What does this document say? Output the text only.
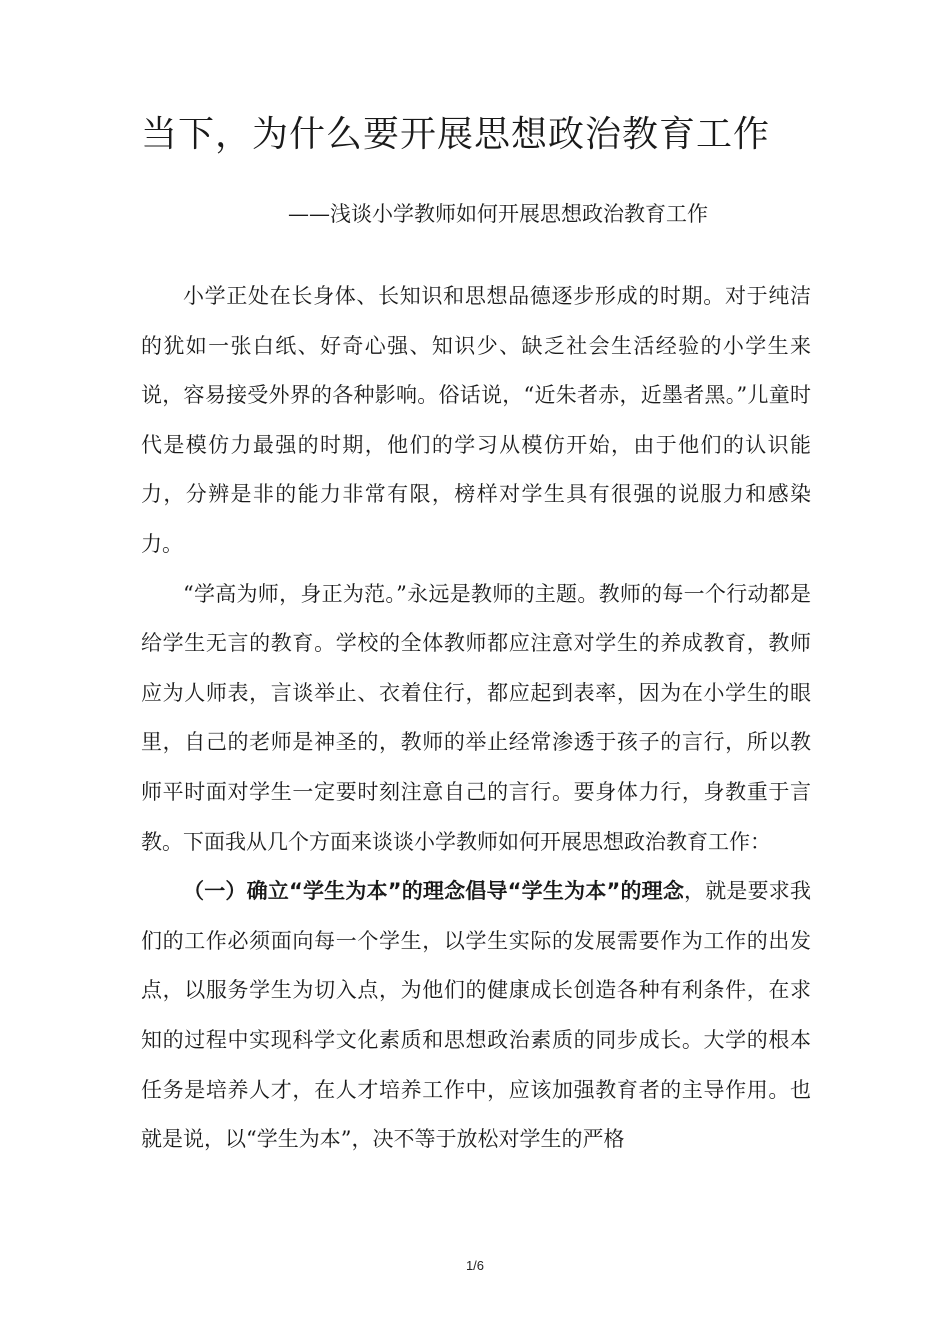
当下，为什么要开展思想政治教育工作

——浅谈小学教师如何开展思想政治教育工作

小学正处在长身体、长知识和思想品德逐步形成的时期。对于纯洁的犹如一张白纸、好奇心强、知识少、缺乏社会生活经验的小学生来说，容易接受外界的各种影响。俗话说，“近朱者赤，近墨者黑。”儿童时代是模仿力最强的时期，他们的学习从模仿开始，由于他们的认识能力，分辨是非的能力非常有限，榜样对学生具有很强的说服力和感染力。

“学高为师，身正为范。”永远是教师的主题。教师的每一个行动都是给学生无言的教育。学校的全体教师都应注意对学生的养成教育，教师应为人师表，言谈举止、衣着住行，都应起到表率，因为在小学生的眼里，自己的老师是神圣的，教师的举止经常渗透于孩子的言行，所以教师平时面对学生一定要时刻注意自己的言行。要身体力行，身教重于言教。下面我从几个方面来谈谈小学教师如何开展思想政治教育工作：

（一）确立“学生为本”的理念倡导“学生为本”的理念，就是要求我们的工作必须面向每一个学生，以学生实际的发展需要作为工作的出发点，以服务学生为切入点，为他们的健康成长创造各种有利条件，在求知的过程中实现科学文化素质和思想政治素质的同步成长。大学的根本任务是培养人才，在人才培养工作中，应该加强教育者的主导作用。也就是说，以“学生为本”，决不等于放松对学生的严格

1/6
